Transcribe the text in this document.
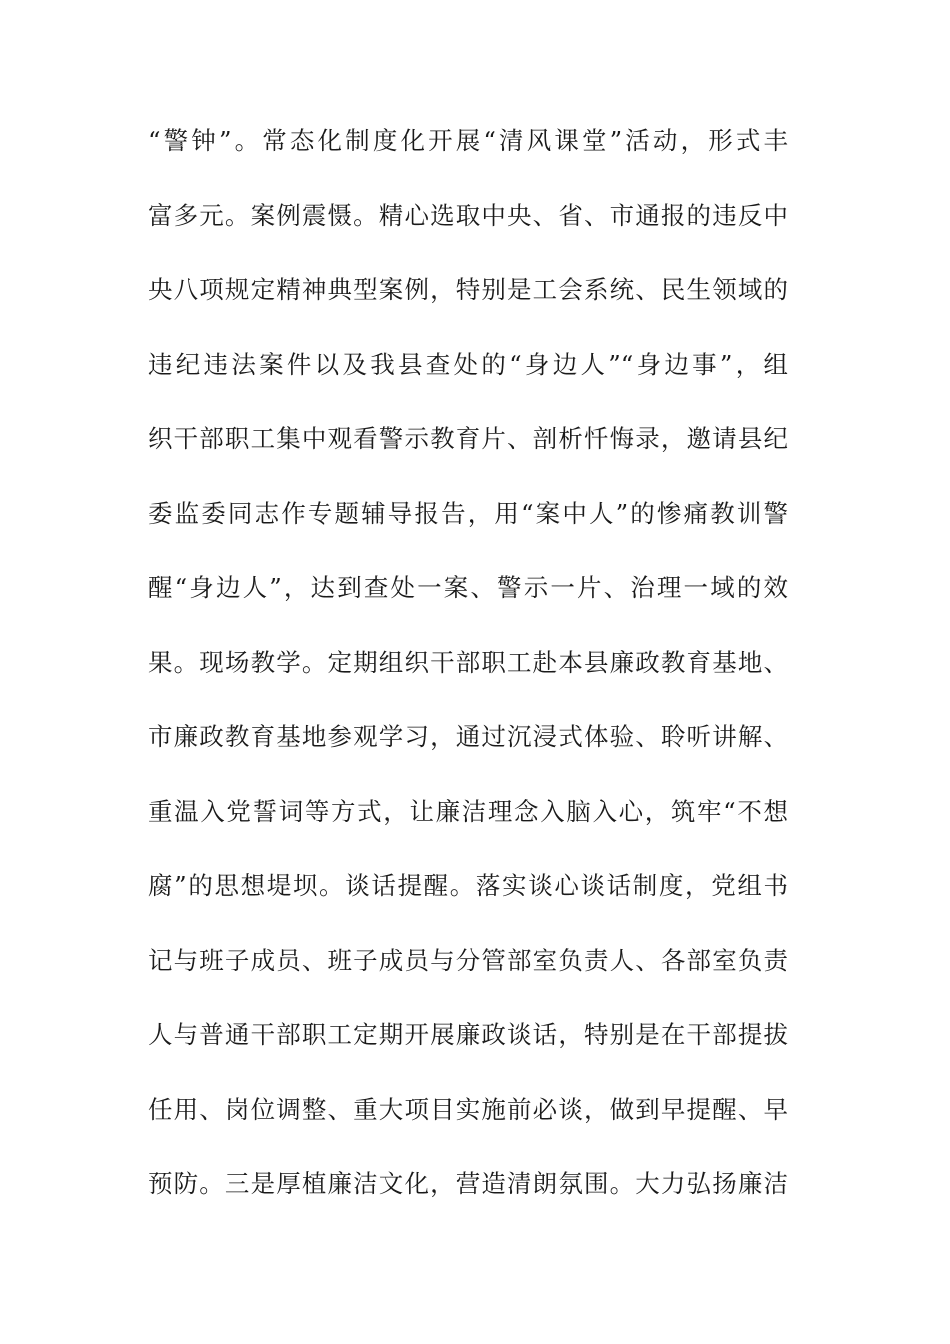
“警钟”。常态化制度化开展“清风课堂”活动，形式丰
富多元。案例震慑。精心选取中央、省、市通报的违反中
央八项规定精神典型案例，特别是工会系统、民生领域的
违纪违法案件以及我县查处的“身边人”“身边事”，组
织干部职工集中观看警示教育片、剖析忏悔录，邀请县纪
委监委同志作专题辅导报告，用“案中人”的惨痛教训警
醒“身边人”，达到查处一案、警示一片、治理一域的效
果。现场教学。定期组织干部职工赴本县廉政教育基地、
市廉政教育基地参观学习，通过沉浸式体验、聆听讲解、
重温入党誓词等方式，让廉洁理念入脑入心，筑牢“不想
腐”的思想堤坝。谈话提醒。落实谈心谈话制度，党组书
记与班子成员、班子成员与分管部室负责人、各部室负责
人与普通干部职工定期开展廉政谈话，特别是在干部提拔
任用、岗位调整、重大项目实施前必谈，做到早提醒、早
预防。三是厚植廉洁文化，营造清朗氛围。大力弘扬廉洁
